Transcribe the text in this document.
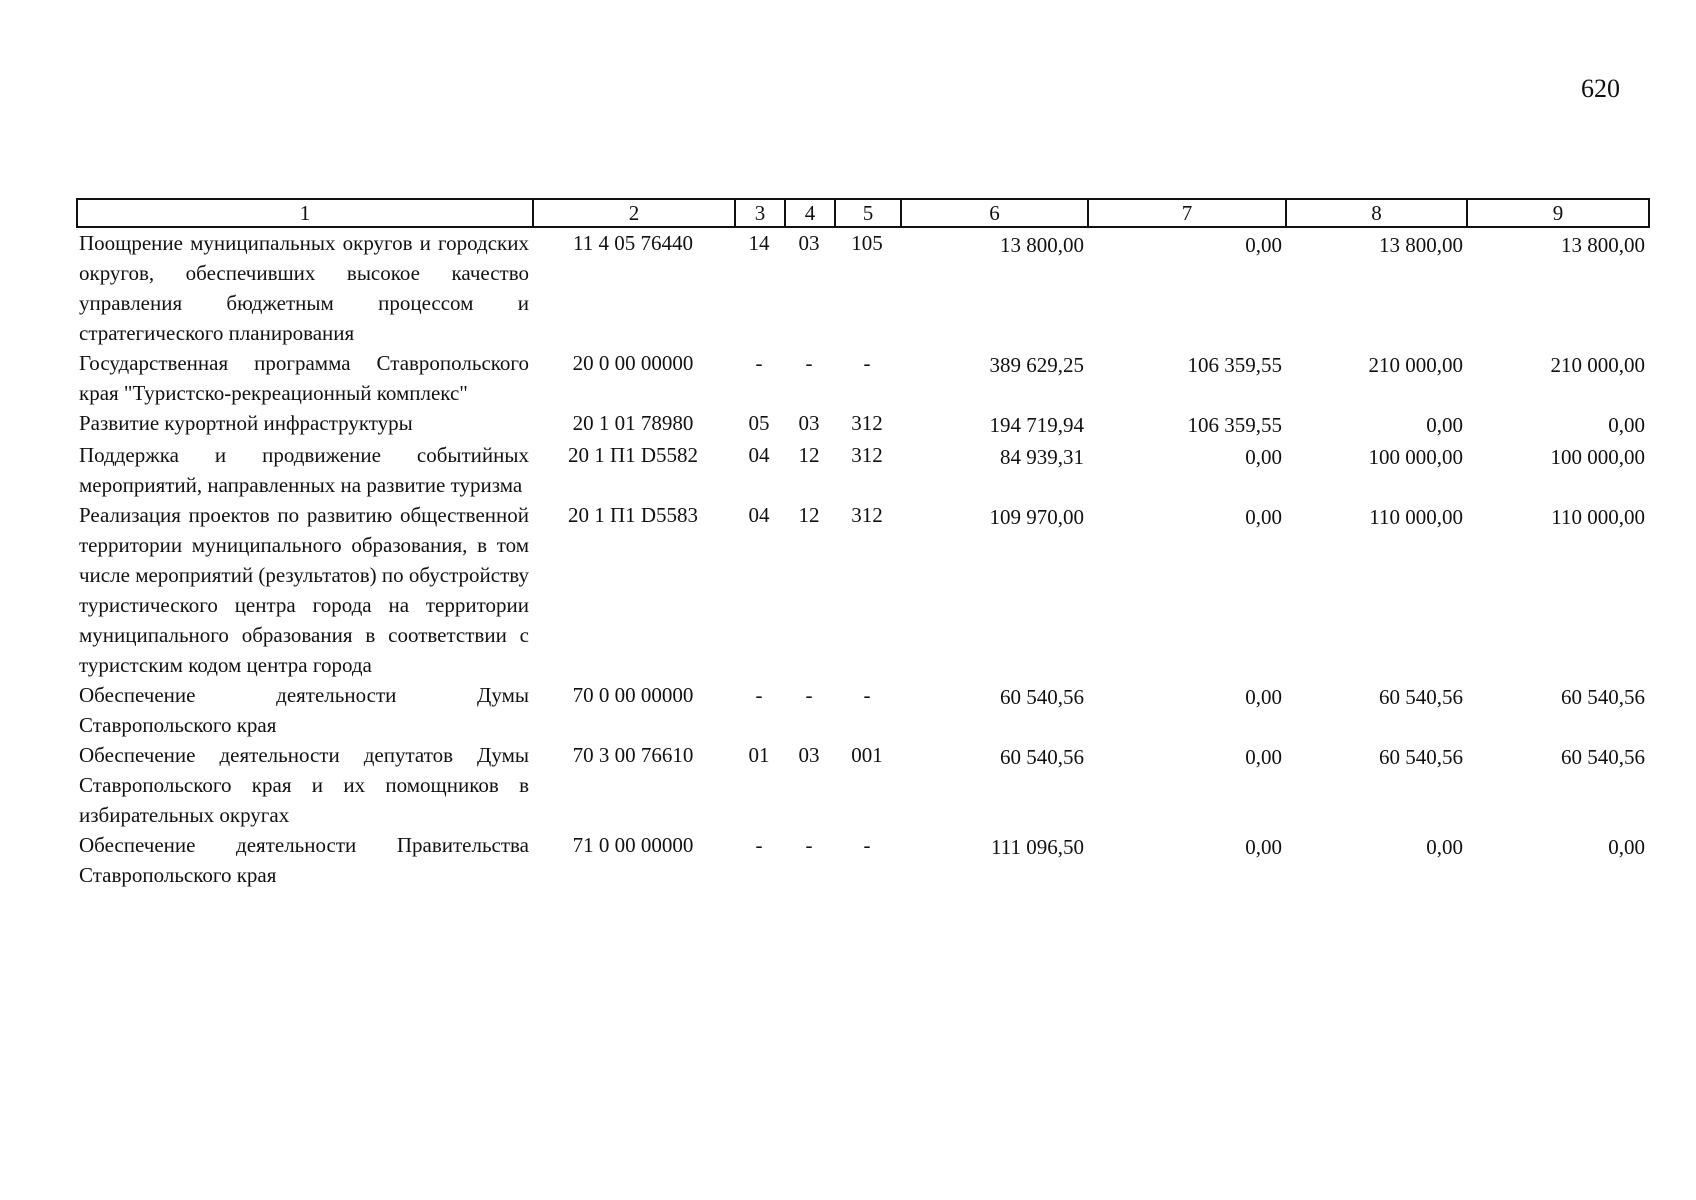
620
1	2	3	4	5	6	7	8	9
Поощрение муниципальных округов и городских округов, обеспечивших высокое качество управления бюджетным процессом и стратегического планирования	11 4 05 76440	14	03	105	13 800,00	0,00	13 800,00	13 800,00
Государственная программа Ставропольского края "Туристско-рекреационный комплекс"	20 0 00 00000	-	-	-	389 629,25	106 359,55	210 000,00	210 000,00
Развитие курортной инфраструктуры	20 1 01 78980	05	03	312	194 719,94	106 359,55	0,00	0,00
Поддержка и продвижение событийных мероприятий, направленных на развитие туризма	20 1 П1 D5582	04	12	312	84 939,31	0,00	100 000,00	100 000,00
Реализация проектов по развитию общественной территории муниципального образования, в том числе мероприятий (результатов) по обустройству туристического центра города на территории муниципального образования в соответствии с туристским кодом центра города	20 1 П1 D5583	04	12	312	109 970,00	0,00	110 000,00	110 000,00
Обеспечение деятельности Думы Ставропольского края	70 0 00 00000	-	-	-	60 540,56	0,00	60 540,56	60 540,56
Обеспечение деятельности депутатов Думы Ставропольского края и их помощников в избирательных округах	70 3 00 76610	01	03	001	60 540,56	0,00	60 540,56	60 540,56
Обеспечение деятельности Правительства Ставропольского края	71 0 00 00000	-	-	-	111 096,50	0,00	0,00	0,00
